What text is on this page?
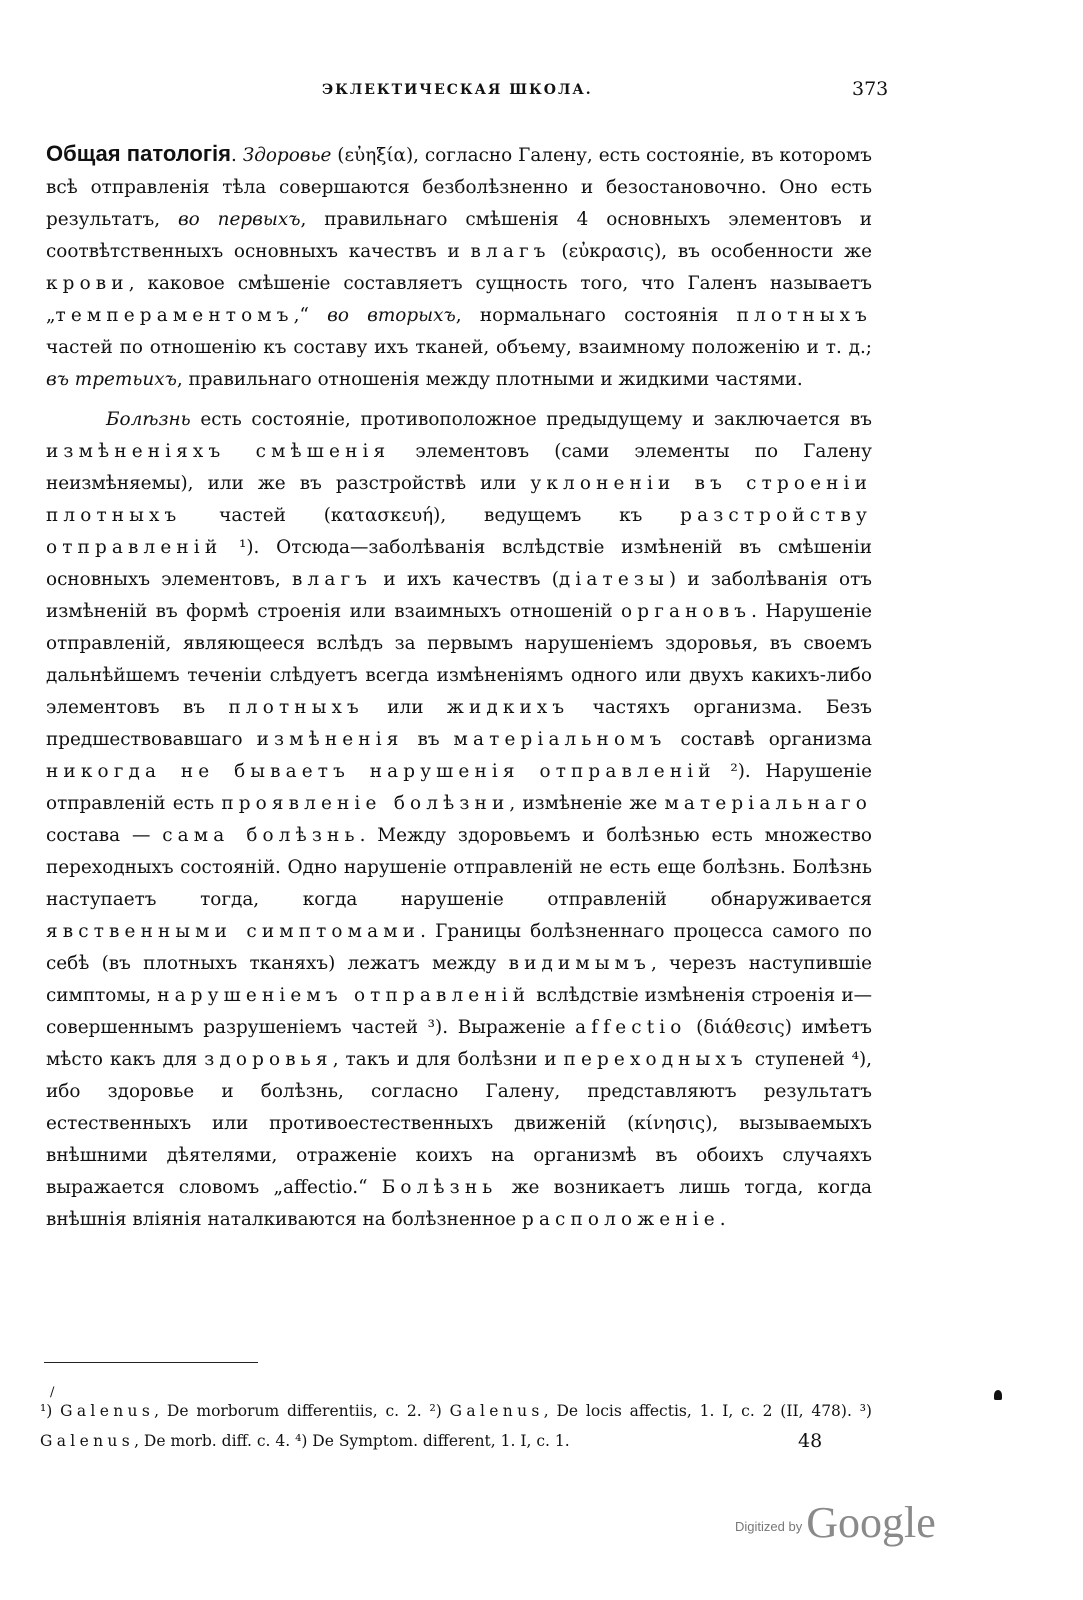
ЭКЛЕКТИЧЕСКАЯ ШКОЛА.	373

Общая патологія. Здоровье (εὐηξία), согласно Галену, есть состояніе, въ которомъ всѣ отправленія тѣла совершаются безболѣзненно и безостановочно. Оно есть результатъ, во первыхъ, правильнаго смѣшенія 4 основныхъ элементовъ и соотвѣтственныхъ основныхъ качествъ и влагъ (εὐκρασις), въ особенности же крови, каковое смѣшеніе составляетъ сущность того, что Галенъ называетъ „темпераментомъ,“ во вторыхъ, нормальнаго состоянія плотныхъ частей по отношенію къ составу ихъ тканей, объему, взаимному положенію и т. д.; въ третьихъ, правильнаго отношенія между плотными и жидкими частями.

Болѣзнь есть состояніе, противоположное предыдущему и заключается въ измѣненіяхъ смѣшенія элементовъ (сами элементы по Галену неизмѣняемы), или же въ разстройствѣ или уклоненіи въ строеніи плотныхъ частей (κατασκευή), ведущемъ къ разстройству отправленій ¹). Отсюда—заболѣванія вслѣдствіе измѣненій въ смѣшеніи основныхъ элементовъ, влагъ и ихъ качествъ (діатезы) и заболѣванія отъ измѣненій въ формѣ строенія или взаимныхъ отношеній органовъ. Нарушеніе отправленій, являющееся вслѣдъ за первымъ нарушеніемъ здоровья, въ своемъ дальнѣйшемъ теченіи слѣдуетъ всегда измѣненіямъ одного или двухъ какихъ-либо элементовъ въ плотныхъ или жидкихъ частяхъ организма. Безъ предшествовавшаго измѣненія въ матеріальномъ составѣ организма никогда не бываетъ нарушенія отправленій ²). Нарушеніе отправленій есть проявленіе болѣзни, измѣненіе же матеріальнаго состава — сама болѣзнь. Между здоровьемъ и болѣзнью есть множество переходныхъ состояній. Одно нарушеніе отправленій не есть еще болѣзнь. Болѣзнь наступаетъ тогда, когда нарушеніе отправленій обнаруживается явственными симптомами. Границы болѣзненнаго процесса самого по себѣ (въ плотныхъ тканяхъ) лежатъ между видимымъ, черезъ наступившіе симптомы, нарушеніемъ отправленій вслѣдствіе измѣненія строенія и—совершеннымъ разрушеніемъ частей ³). Выраженіе affectio (διάθεσις) имѣетъ мѣсто какъ для здоровья, такъ и для болѣзни и переходныхъ ступеней ⁴), ибо здоровье и болѣзнь, согласно Галену, представляютъ результатъ естественныхъ или противоестественныхъ движеній (κίνησις), вызываемыхъ внѣшними дѣятелями, отраженіе коихъ на организмѣ въ обоихъ случаяхъ выражается словомъ „affectio.“ Болѣзнь же возникаетъ лишь тогда, когда внѣшнія вліянія наталкиваются на болѣзненное расположеніе.

/

¹) Galenus, De morborum differentiis, c. 2. ²) Galenus, De locis affectis, 1. I, c. 2 (II, 478). ³) Galenus, De morb. diff. c. 4. ⁴) De Symptom. different, 1. I, c. 1.	48
Digitized by Google
